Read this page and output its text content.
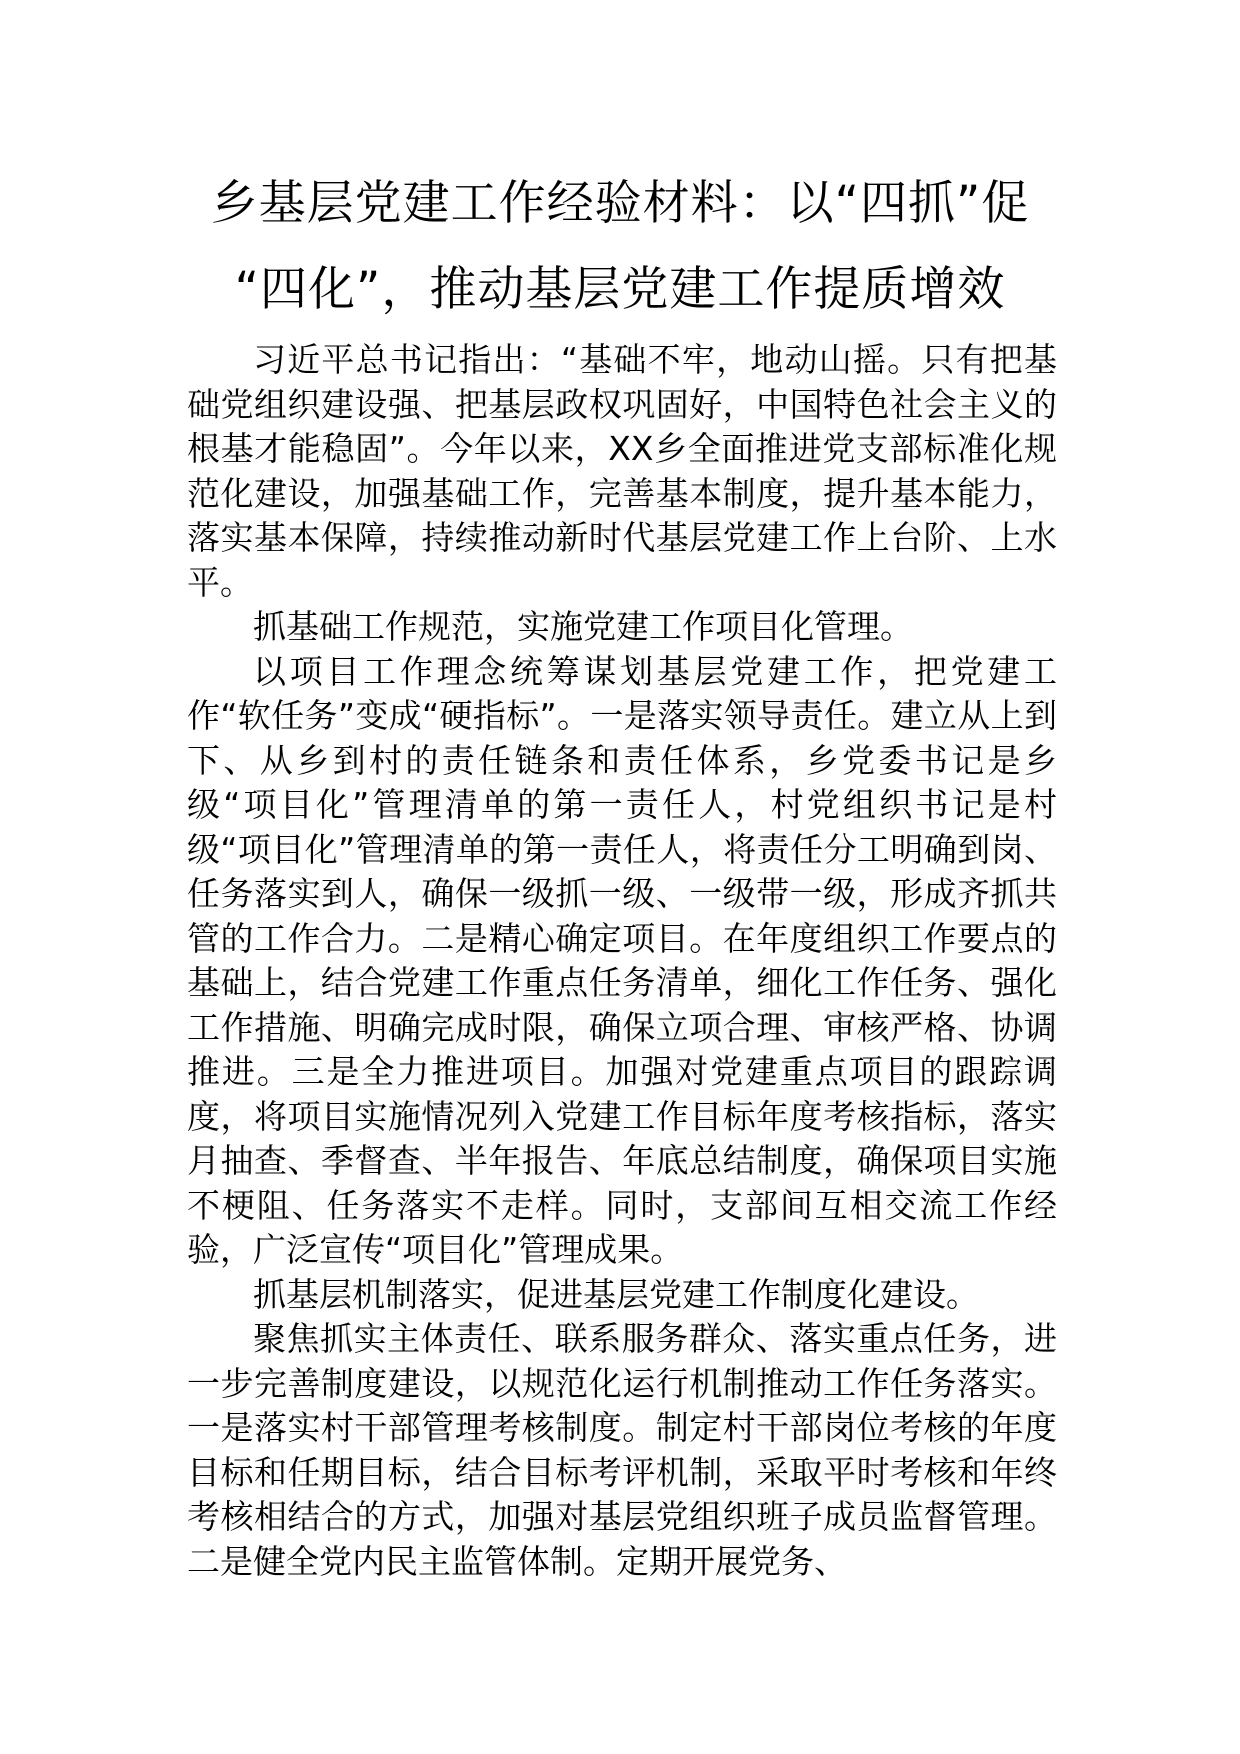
乡基层党建工作经验材料：以“四抓”促
“四化”，推动基层党建工作提质增效

习近平总书记指出：“基础不牢，地动山摇。只有把基础党组织建设强、把基层政权巩固好，中国特色社会主义的根基才能稳固”。今年以来，XX乡全面推进党支部标准化规范化建设，加强基础工作，完善基本制度，提升基本能力，落实基本保障，持续推动新时代基层党建工作上台阶、上水平。

抓基础工作规范，实施党建工作项目化管理。

以项目工作理念统筹谋划基层党建工作，把党建工作“软任务”变成“硬指标”。一是落实领导责任。建立从上到下、从乡到村的责任链条和责任体系，乡党委书记是乡级“项目化”管理清单的第一责任人，村党组织书记是村级“项目化”管理清单的第一责任人，将责任分工明确到岗、任务落实到人，确保一级抓一级、一级带一级，形成齐抓共管的工作合力。二是精心确定项目。在年度组织工作要点的基础上，结合党建工作重点任务清单，细化工作任务、强化工作措施、明确完成时限，确保立项合理、审核严格、协调推进。三是全力推进项目。加强对党建重点项目的跟踪调度，将项目实施情况列入党建工作目标年度考核指标，落实月抽查、季督查、半年报告、年底总结制度，确保项目实施不梗阻、任务落实不走样。同时，支部间互相交流工作经验，广泛宣传“项目化”管理成果。

抓基层机制落实，促进基层党建工作制度化建设。

聚焦抓实主体责任、联系服务群众、落实重点任务，进一步完善制度建设，以规范化运行机制推动工作任务落实。一是落实村干部管理考核制度。制定村干部岗位考核的年度目标和任期目标，结合目标考评机制，采取平时考核和年终考核相结合的方式，加强对基层党组织班子成员监督管理。二是健全党内民主监管体制。定期开展党务、
